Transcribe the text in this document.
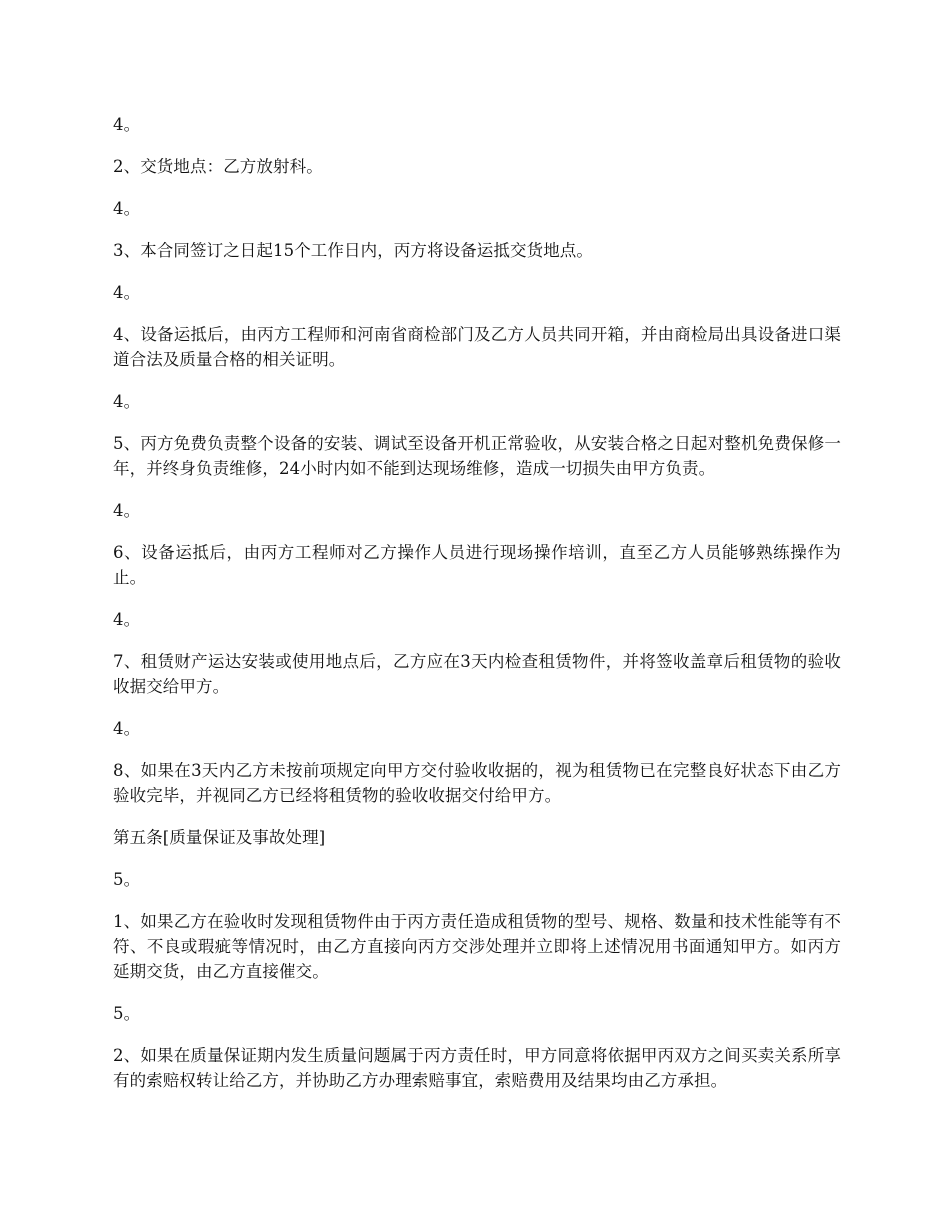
4。

2、交货地点：乙方放射科。

4。

3、本合同签订之日起15个工作日内，丙方将设备运抵交货地点。

4。

4、设备运抵后，由丙方工程师和河南省商检部门及乙方人员共同开箱，并由商检局出具设备进口渠道合法及质量合格的相关证明。

4。

5、丙方免费负责整个设备的安装、调试至设备开机正常验收，从安装合格之日起对整机免费保修一年，并终身负责维修，24小时内如不能到达现场维修，造成一切损失由甲方负责。

4。

6、设备运抵后，由丙方工程师对乙方操作人员进行现场操作培训，直至乙方人员能够熟练操作为止。

4。

7、租赁财产运达安装或使用地点后，乙方应在3天内检查租赁物件，并将签收盖章后租赁物的验收收据交给甲方。

4。

8、如果在3天内乙方未按前项规定向甲方交付验收收据的，视为租赁物已在完整良好状态下由乙方验收完毕，并视同乙方已经将租赁物的验收收据交付给甲方。

第五条[质量保证及事故处理]

5。

1、如果乙方在验收时发现租赁物件由于丙方责任造成租赁物的型号、规格、数量和技术性能等有不符、不良或瑕疵等情况时，由乙方直接向丙方交涉处理并立即将上述情况用书面通知甲方。如丙方延期交货，由乙方直接催交。

5。

2、如果在质量保证期内发生质量问题属于丙方责任时，甲方同意将依据甲丙双方之间买卖关系所享有的索赔权转让给乙方，并协助乙方办理索赔事宜，索赔费用及结果均由乙方承担。
